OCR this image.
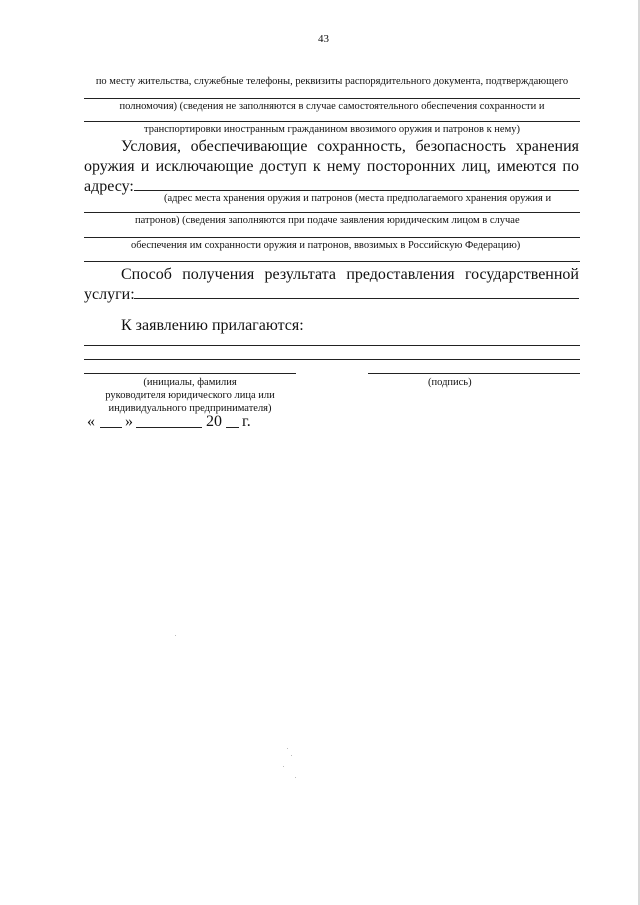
43
по месту жительства, служебные телефоны, реквизиты распорядительного документа, подтверждающего
полномочия) (сведения не заполняются в случае самостоятельного обеспечения сохранности и
транспортировки иностранным гражданином ввозимого оружия и патронов к нему)
Условия, обеспечивающие сохранность, безопасность хранения
оружия и исключающие доступ к нему посторонних лиц, имеются по
адресу:
(адрес места хранения оружия и патронов (места предполагаемого хранения оружия и
патронов) (сведения заполняются при подаче заявления юридическим лицом в случае
обеспечения им сохранности оружия и патронов, ввозимых в Российскую Федерацию)
Способ получения результата предоставления государственной
услуги:
К заявлению прилагаются:
(инициалы, фамилия
руководителя юридического лица или
индивидуального предпринимателя)
(подпись)
« »	20 г.
